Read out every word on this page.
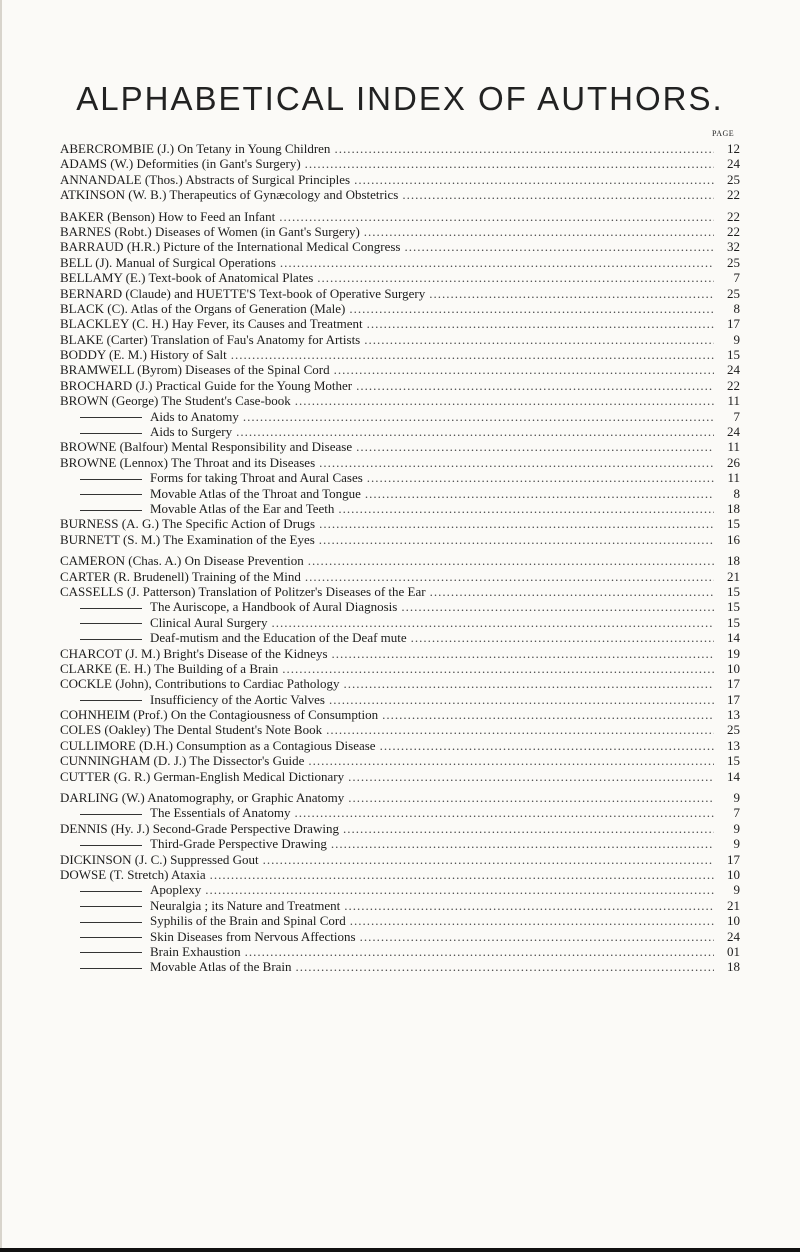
ALPHABETICAL INDEX OF AUTHORS.
PAGE
ABERCROMBIE (J.) On Tetany in Young Children .....	12
ADAMS (W.) Deformities (in Gant's Surgery) .....	24
ANNANDALE (Thos.) Abstracts of Surgical Principles .....	25
ATKINSON (W. B.) Therapeutics of Gynæcology and Obstetrics .....	22
BAKER (Benson) How to Feed an Infant .....	22
BARNES (Robt.) Diseases of Women (in Gant's Surgery) .....	22
BARRAUD (H.R.) Picture of the International Medical Congress .....	32
BELL (J). Manual of Surgical Operations .....	25
BELLAMY (E.) Text-book of Anatomical Plates .....	7
BERNARD (Claude) and HUETTE'S Text-book of Operative Surgery .....	25
BLACK (C). Atlas of the Organs of Generation (Male) .....	8
BLACKLEY (C. H.) Hay Fever, its Causes and Treatment .....	17
BLAKE (Carter) Translation of Fau's Anatomy for Artists .....	9
BODDY (E. M.) History of Salt .....	15
BRAMWELL (Byrom) Diseases of the Spinal Cord .....	24
BROCHARD (J.) Practical Guide for the Young Mother .....	22
BROWN (George) The Student's Case-book .....	11
Aids to Anatomy .....	7
Aids to Surgery .....	24
BROWNE (Balfour) Mental Responsibility and Disease .....	11
BROWNE (Lennox) The Throat and its Diseases .....	26
Forms for taking Throat and Aural Cases .....	11
Movable Atlas of the Throat and Tongue .....	8
Movable Atlas of the Ear and Teeth .....	18
BURNESS (A. G.) The Specific Action of Drugs .....	15
BURNETT (S. M.) The Examination of the Eyes .....	16
CAMERON (Chas. A.) On Disease Prevention .....	18
CARTER (R. Brudenell) Training of the Mind .....	21
CASSELLS (J. Patterson) Translation of Politzer's Diseases of the Ear .....	15
The Auriscope, a Handbook of Aural Diagnosis .....	15
Clinical Aural Surgery .....	15
Deaf-mutism and the Education of the Deaf mute .....	14
CHARCOT (J. M.) Bright's Disease of the Kidneys .....	19
CLARKE (E. H.) The Building of a Brain .....	10
COCKLE (John), Contributions to Cardiac Pathology .....	17
Insufficiency of the Aortic Valves .....	17
COHNHEIM (Prof.) On the Contagiousness of Consumption .....	13
COLES (Oakley) The Dental Student's Note Book .....	25
CULLIMORE (D.H.) Consumption as a Contagious Disease .....	13
CUNNINGHAM (D. J.) The Dissector's Guide .....	15
CUTTER (G. R.) German-English Medical Dictionary .....	14
DARLING (W.) Anatomography, or Graphic Anatomy .....	9
The Essentials of Anatomy .....	7
DENNIS (Hy. J.) Second-Grade Perspective Drawing .....	9
Third-Grade Perspective Drawing .....	9
DICKINSON (J. C.) Suppressed Gout .....	17
DOWSE (T. Stretch) Ataxia .....	10
Apoplexy .....	9
Neuralgia ; its Nature and Treatment .....	21
Syphilis of the Brain and Spinal Cord .....	10
Skin Diseases from Nervous Affections .....	24
Brain Exhaustion .....	01
Movable Atlas of the Brain .....	18
